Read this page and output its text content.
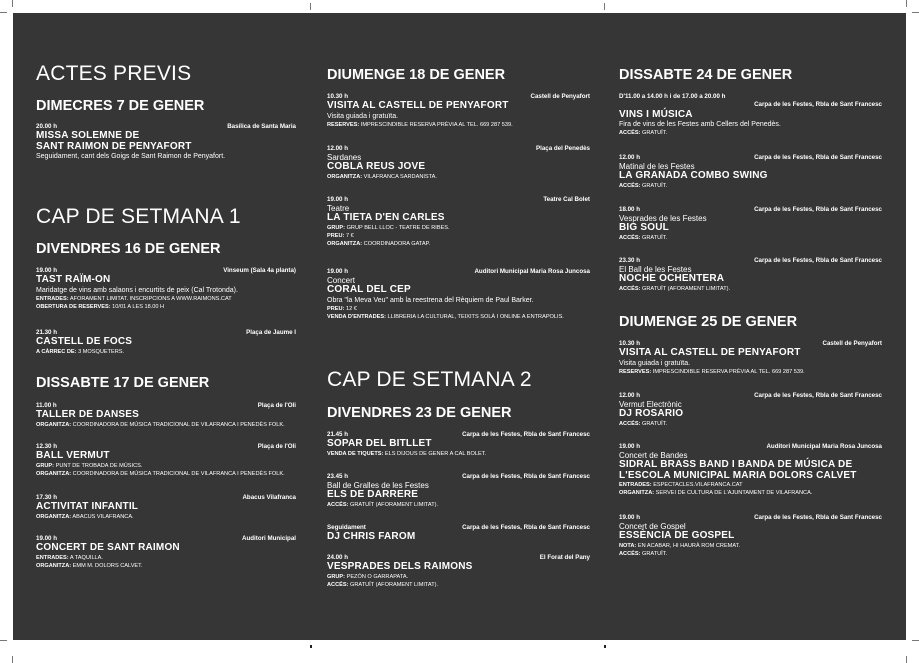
ACTES PREVIS
DIMECRES 7 DE GENER
20.00 h	Basílica de Santa Maria
MISSA SOLEMNE DE
SANT RAIMON DE PENYAFORT
Seguidament, cant dels Goigs de Sant Raimon de Penyafort.
CAP DE SETMANA 1
DIVENDRES 16 DE GENER
19.00 h	Vinseum (Sala 4a planta)
TAST RAÏM-ON
Maridatge de vins amb salaons i encurtits de peix (Cal Trotonda).
ENTRADES: AFORAMENT LIMITAT. INSCRIPCIONS A WWW.RAIMONS.CAT
OBERTURA DE RESERVES: 10/01 A LES 18.00 H
21.30 h	Plaça de Jaume I
CASTELL DE FOCS
A CÀRREC DE: 3 MOSQUETERS.
DISSABTE 17 DE GENER
11.00 h	Plaça de l'Oli
TALLER DE DANSES
ORGANITZA: COORDINADORA DE MÚSICA TRADICIONAL DE VILAFRANCA I PENEDÈS FOLK.
12.30 h	Plaça de l'Oli
BALL VERMUT
GRUP: PUNT DE TROBADA DE MÚSICS.
ORGANITZA: COORDINADORA DE MÚSICA TRADICIONAL DE VILAFRANCA I PENEDÈS FOLK.
17.30 h	Abacus Vilafranca
ACTIVITAT INFANTIL
ORGANITZA: ABACUS VILAFRANCA.
19.00 h	Auditori Municipal
CONCERT DE SANT RAIMON
ENTRADES: A TAQUILLA.
ORGANITZA: EMM M. DOLORS CALVET.
DIUMENGE 18 DE GENER
10.30 h	Castell de Penyafort
VISITA AL CASTELL DE PENYAFORT
Visita guiada i gratuïta.
RESERVES: IMPRESCINDIBLE RESERVA PRÈVIA AL TEL. 669 287 539.
12.00 h	Plaça del Penedès
Sardanes
COBLA REUS JOVE
ORGANITZA: VILAFRANCA SARDANISTA.
19.00 h	Teatre Cal Bolet
Teatre
LA TIETA D'EN CARLES
GRUP: GRUP BELL LLOC - TEATRE DE RIBES.
PREU: 7 €
ORGANITZA: COORDINADORA GATAP.
19.00 h	Auditori Municipal Maria Rosa Juncosa
Concert
CORAL DEL CEP
Obra "la Meva Veu" amb la reestrena del Rèquiem de Paul Barker.
PREU: 12 €
VENDA D'ENTRADES: LLIBRERIA LA CULTURAL, TEIXITS SOLÀ I ONLINE A ENTRAPOLIS.
CAP DE SETMANA 2
DIVENDRES 23 DE GENER
21.45 h	Carpa de les Festes, Rbla de Sant Francesc
SOPAR DEL BITLLET
VENDA DE TIQUETS: ELS DIJOUS DE GENER A CAL BOLET.
23.45 h	Carpa de les Festes, Rbla de Sant Francesc
Ball de Gralles de les Festes
ELS DE DARRERE
ACCÉS: GRATUÏT (AFORAMENT LIMITAT).
Seguidament	Carpa de les Festes, Rbla de Sant Francesc
DJ CHRIS FAROM
24.00 h	El Forat del Pany
VESPRADES DELS RAIMONS
GRUP: PEZÓN O GARRAPATA.
ACCÉS: GRATUÏT (AFORAMENT LIMITAT).
DISSABTE 24 DE GENER
D'11.00 a 14.00 h i de 17.00 a 20.00 h
Carpa de les Festes, Rbla de Sant Francesc
VINS I MÚSICA
Fira de vins de les Festes amb Cellers del Penedès.
ACCÉS: GRATUÏT.
12.00 h	Carpa de les Festes, Rbla de Sant Francesc
Matinal de les Festes
LA GRANADA COMBO SWING
ACCÉS: GRATUÏT.
18.00 h	Carpa de les Festes, Rbla de Sant Francesc
Vesprades de les Festes
BIG SOUL
ACCÉS: GRATUÏT.
23.30 h	Carpa de les Festes, Rbla de Sant Francesc
El Ball de les Festes
NOCHE OCHENTERA
ACCÉS: GRATUÏT (AFORAMENT LIMITAT).
DIUMENGE 25 DE GENER
10.30 h	Castell de Penyafort
VISITA AL CASTELL DE PENYAFORT
Visita guiada i gratuïta.
RESERVES: IMPRESCINDIBLE RESERVA PRÈVIA AL TEL. 669 287 539.
12.00 h	Carpa de les Festes, Rbla de Sant Francesc
Vermut Electrònic
DJ ROSARIO
ACCÉS: GRATUÏT.
19.00 h	Auditori Municipal Maria Rosa Juncosa
Concert de Bandes
SIDRAL BRASS BAND I BANDA DE MÚSICA DE
L'ESCOLA MUNICIPAL MARIA DOLORS CALVET
ENTRADES: ESPECTACLES.VILAFRANCA.CAT
ORGANITZA: SERVEI DE CULTURA DE L'AJUNTAMENT DE VILAFRANCA.
19.00 h	Carpa de les Festes, Rbla de Sant Francesc
Concert de Gospel
ESSÈNCIA DE GOSPEL
NOTA: EN ACABAR, HI HAURÀ ROM CREMAT.
ACCÉS: GRATUÏT.
